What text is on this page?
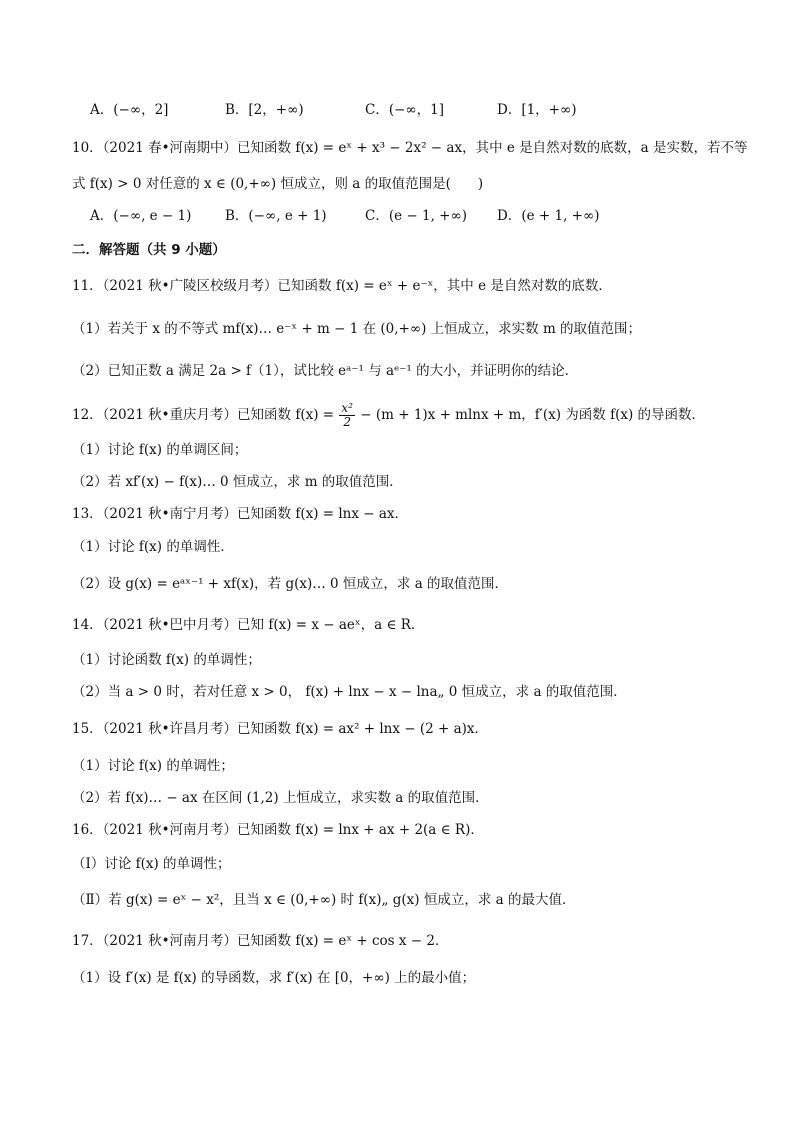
A．(−∞，2]	B．[2，+∞)	C．(−∞，1]	D．[1，+∞)
10．（2021 春•河南期中）已知函数 f(x) = eˣ + x³ − 2x² − ax，其中 e 是自然对数的底数，a 是实数，若不等
式 f(x) > 0 对任意的 x ∈ (0,+∞) 恒成立，则 a 的取值范围是(　　)
A．(−∞, e − 1) B．(−∞, e + 1)	C．(e − 1, +∞) D．(e + 1, +∞)
二．解答题（共 9 小题）
11．（2021 秋•广陵区校级月考）已知函数 f(x) = eˣ + e⁻ˣ，其中 e 是自然对数的底数．
（1）若关于 x 的不等式 mf(x)… e⁻ˣ + m − 1 在 (0,+∞) 上恒成立，求实数 m 的取值范围；
（2）已知正数 a 满足 2a > f（1），试比较 eᵃ⁻¹ 与 aᵉ⁻¹ 的大小，并证明你的结论．
12．（2021 秋•重庆月考）已知函数 $f(x) = \frac{\text{x²}}{2} - (m + 1)x + mlnx + m$，f′(x) 为函数 f(x) 的导函数．
（1）讨论 f(x) 的单调区间；
（2）若 xf′(x) − f(x)… 0 恒成立，求 m 的取值范围．
13．（2021 秋•南宁月考）已知函数 f(x) = lnx − ax．
（1）讨论 f(x) 的单调性．
（2）设 g(x) = eᵃˣ⁻¹ + xf(x)，若 g(x)… 0 恒成立，求 a 的取值范围．
14．（2021 秋•巴中月考）已知 f(x) = x − aeˣ，a ∈ R．
（1）讨论函数 f(x) 的单调性；
（2）当 a > 0 时，若对任意 x > 0， f(x) + lnx − x − lna„ 0 恒成立，求 a 的取值范围．
15．（2021 秋•许昌月考）已知函数 f(x) = ax² + lnx − (2 + a)x．
（1）讨论 f(x) 的单调性；
（2）若 f(x)… − ax 在区间 (1,2) 上恒成立，求实数 a 的取值范围．
16．（2021 秋•河南月考）已知函数 f(x) = lnx + ax + 2(a ∈ R)．
（Ⅰ）讨论 f(x) 的单调性；
（Ⅱ）若 g(x) = eˣ − x²，且当 x ∈ (0,+∞) 时 f(x)„ g(x) 恒成立，求 a 的最大值．
17．（2021 秋•河南月考）已知函数 f(x) = eˣ + cos x − 2．
（1）设 f′(x) 是 f(x) 的导函数，求 f′(x) 在 [0，+∞) 上的最小值；
